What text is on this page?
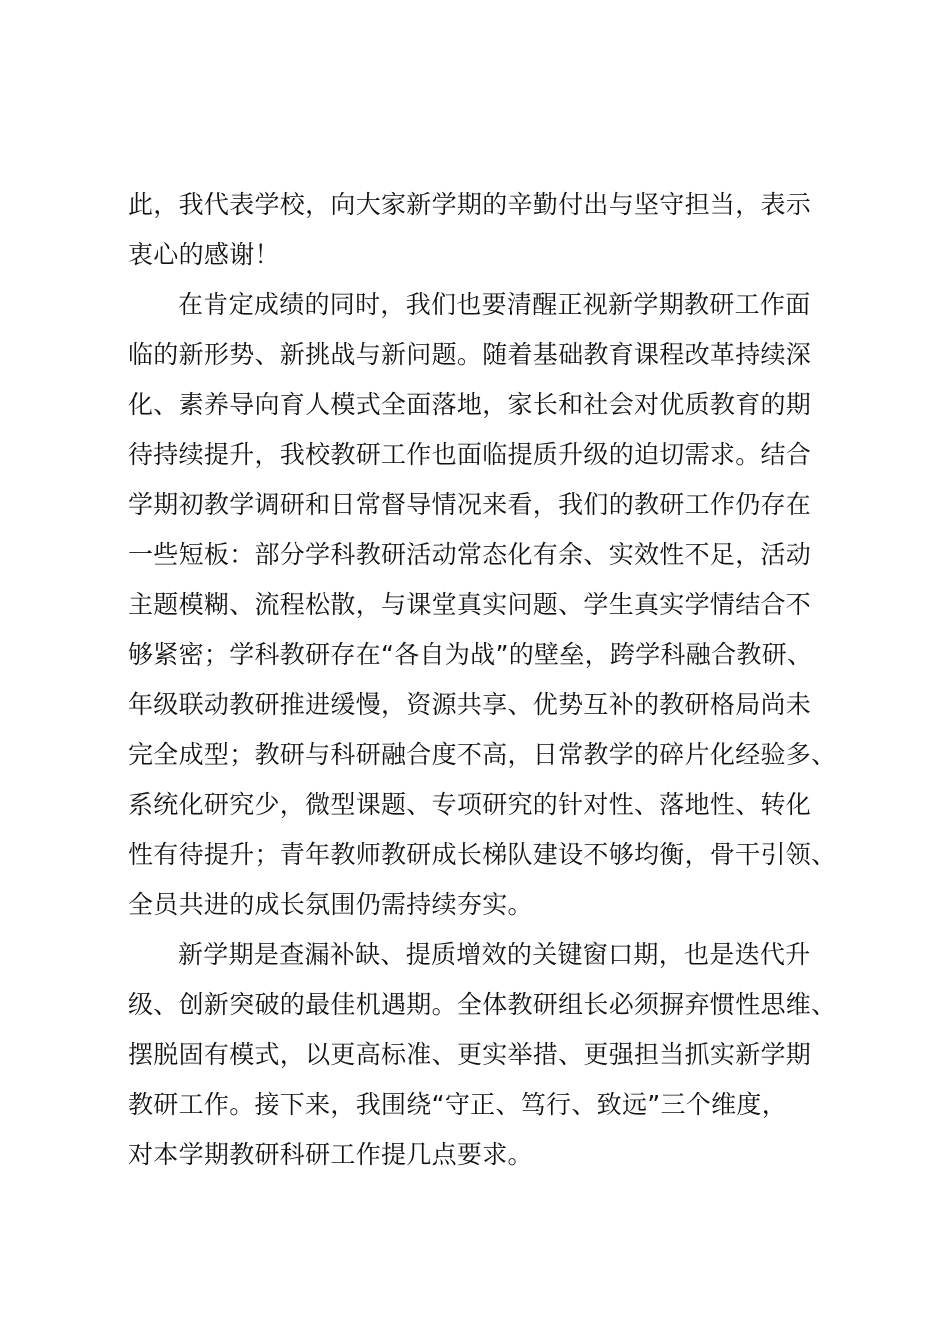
此，我代表学校，向大家新学期的辛勤付出与坚守担当，表示
衷心的感谢！
在肯定成绩的同时，我们也要清醒正视新学期教研工作面
临的新形势、新挑战与新问题。随着基础教育课程改革持续深
化、素养导向育人模式全面落地，家长和社会对优质教育的期
待持续提升，我校教研工作也面临提质升级的迫切需求。结合
学期初教学调研和日常督导情况来看，我们的教研工作仍存在
一些短板：部分学科教研活动常态化有余、实效性不足，活动
主题模糊、流程松散，与课堂真实问题、学生真实学情结合不
够紧密；学科教研存在“各自为战”的壁垒，跨学科融合教研、
年级联动教研推进缓慢，资源共享、优势互补的教研格局尚未
完全成型；教研与科研融合度不高，日常教学的碎片化经验多、
系统化研究少，微型课题、专项研究的针对性、落地性、转化
性有待提升；青年教师教研成长梯队建设不够均衡，骨干引领、
全员共进的成长氛围仍需持续夯实。
新学期是查漏补缺、提质增效的关键窗口期，也是迭代升
级、创新突破的最佳机遇期。全体教研组长必须摒弃惯性思维、
摆脱固有模式，以更高标准、更实举措、更强担当抓实新学期
教研工作。接下来，我围绕“守正、笃行、致远”三个维度，
对本学期教研科研工作提几点要求。
